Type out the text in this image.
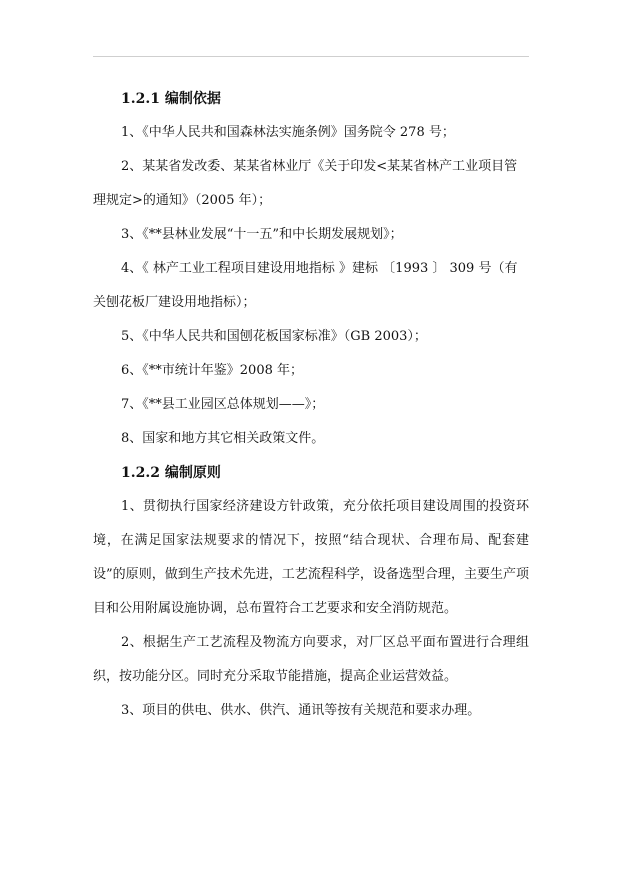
1.2.1 编制依据
1、《中华人民共和国森林法实施条例》国务院令 278 号；
2、某某省发改委、某某省林业厅《关于印发<某某省林产工业项目管理规定>的通知》（2005 年）；
3、《**县林业发展“十一五”和中长期发展规划》；
4、《 林产工业工程项目建设用地指标 》建标 〔1993 〕 309 号（有关刨花板厂建设用地指标）；
5、《中华人民共和国刨花板国家标准》（GB 2003）；
6、《**市统计年鉴》2008 年；
7、《**县工业园区总体规划——》；
8、国家和地方其它相关政策文件。
1.2.2 编制原则
1、贯彻执行国家经济建设方针政策，充分依托项目建设周围的投资环境，在满足国家法规要求的情况下，按照“结合现状、合理布局、配套建设”的原则，做到生产技术先进，工艺流程科学，设备选型合理，主要生产项目和公用附属设施协调，总布置符合工艺要求和安全消防规范。
2、根据生产工艺流程及物流方向要求，对厂区总平面布置进行合理组织，按功能分区。同时充分采取节能措施，提高企业运营效益。
3、项目的供电、供水、供汽、通讯等按有关规范和要求办理。
